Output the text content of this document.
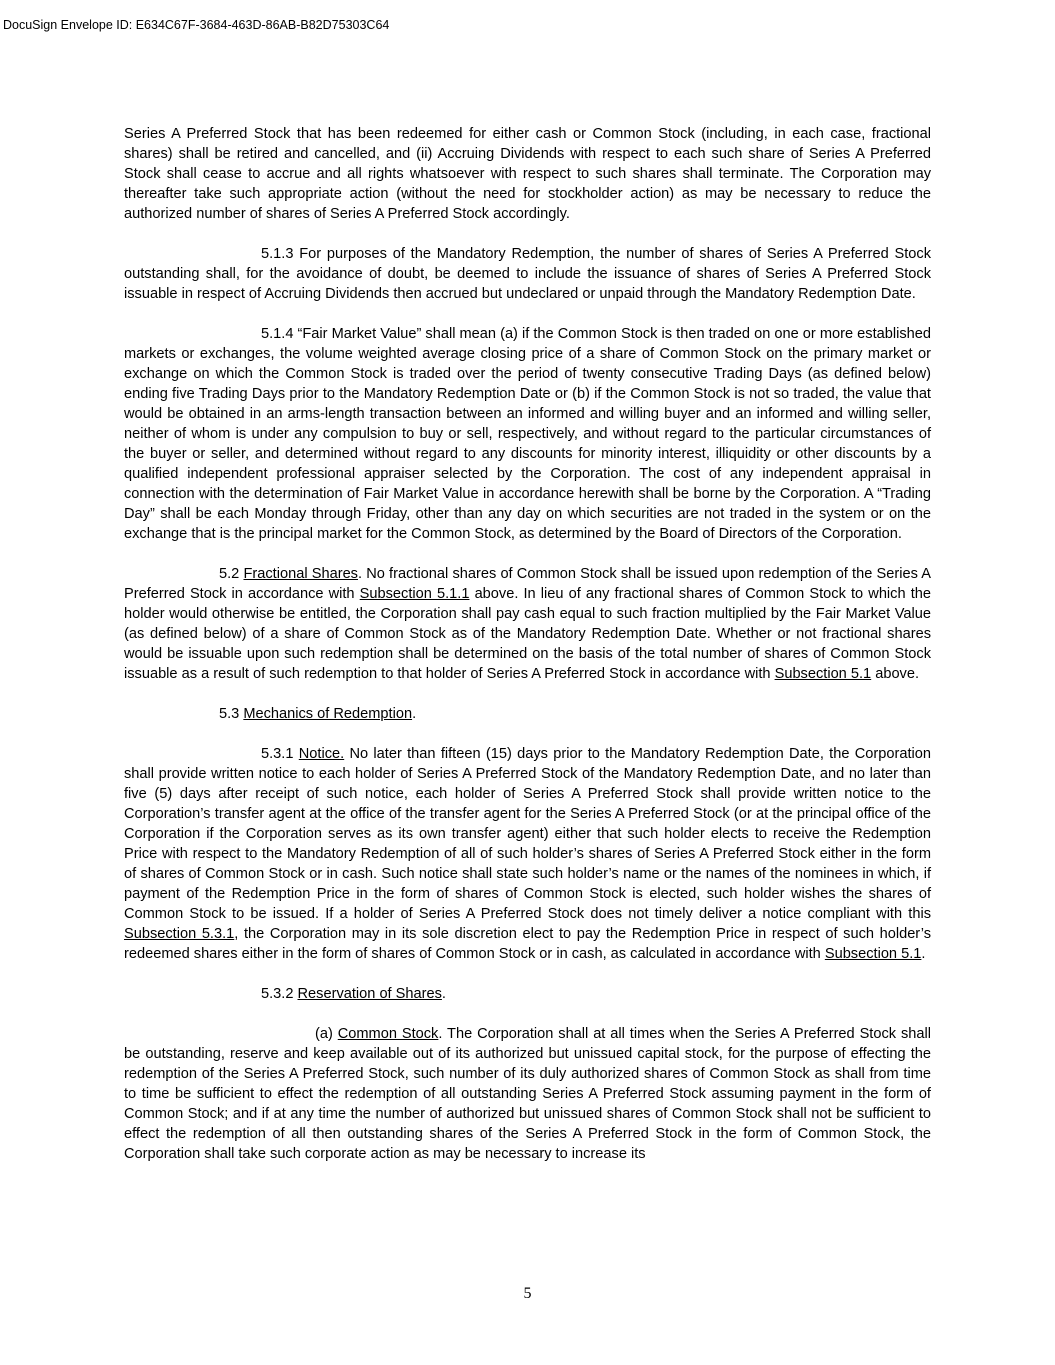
DocuSign Envelope ID: E634C67F-3684-463D-86AB-B82D75303C64

Series A Preferred Stock that has been redeemed for either cash or Common Stock (including, in each case, fractional shares) shall be retired and cancelled, and (ii) Accruing Dividends with respect to each such share of Series A Preferred Stock shall cease to accrue and all rights whatsoever with respect to such shares shall terminate. The Corporation may thereafter take such appropriate action (without the need for stockholder action) as may be necessary to reduce the authorized number of shares of Series A Preferred Stock accordingly.

5.1.3 For purposes of the Mandatory Redemption, the number of shares of Series A Preferred Stock outstanding shall, for the avoidance of doubt, be deemed to include the issuance of shares of Series A Preferred Stock issuable in respect of Accruing Dividends then accrued but undeclared or unpaid through the Mandatory Redemption Date.

5.1.4 “Fair Market Value” shall mean (a) if the Common Stock is then traded on one or more established markets or exchanges, the volume weighted average closing price of a share of Common Stock on the primary market or exchange on which the Common Stock is traded over the period of twenty consecutive Trading Days (as defined below) ending five Trading Days prior to the Mandatory Redemption Date or (b) if the Common Stock is not so traded, the value that would be obtained in an arms-length transaction between an informed and willing buyer and an informed and willing seller, neither of whom is under any compulsion to buy or sell, respectively, and without regard to the particular circumstances of the buyer or seller, and determined without regard to any discounts for minority interest, illiquidity or other discounts by a qualified independent professional appraiser selected by the Corporation. The cost of any independent appraisal in connection with the determination of Fair Market Value in accordance herewith shall be borne by the Corporation. A “Trading Day” shall be each Monday through Friday, other than any day on which securities are not traded in the system or on the exchange that is the principal market for the Common Stock, as determined by the Board of Directors of the Corporation.

5.2 Fractional Shares. No fractional shares of Common Stock shall be issued upon redemption of the Series A Preferred Stock in accordance with Subsection 5.1.1 above. In lieu of any fractional shares of Common Stock to which the holder would otherwise be entitled, the Corporation shall pay cash equal to such fraction multiplied by the Fair Market Value (as defined below) of a share of Common Stock as of the Mandatory Redemption Date. Whether or not fractional shares would be issuable upon such redemption shall be determined on the basis of the total number of shares of Common Stock issuable as a result of such redemption to that holder of Series A Preferred Stock in accordance with Subsection 5.1 above.

5.3 Mechanics of Redemption.

5.3.1 Notice. No later than fifteen (15) days prior to the Mandatory Redemption Date, the Corporation shall provide written notice to each holder of Series A Preferred Stock of the Mandatory Redemption Date, and no later than five (5) days after receipt of such notice, each holder of Series A Preferred Stock shall provide written notice to the Corporation’s transfer agent at the office of the transfer agent for the Series A Preferred Stock (or at the principal office of the Corporation if the Corporation serves as its own transfer agent) either that such holder elects to receive the Redemption Price with respect to the Mandatory Redemption of all of such holder’s shares of Series A Preferred Stock either in the form of shares of Common Stock or in cash. Such notice shall state such holder’s name or the names of the nominees in which, if payment of the Redemption Price in the form of shares of Common Stock is elected, such holder wishes the shares of Common Stock to be issued. If a holder of Series A Preferred Stock does not timely deliver a notice compliant with this Subsection 5.3.1, the Corporation may in its sole discretion elect to pay the Redemption Price in respect of such holder’s redeemed shares either in the form of shares of Common Stock or in cash, as calculated in accordance with Subsection 5.1.

5.3.2 Reservation of Shares.

(a) Common Stock. The Corporation shall at all times when the Series A Preferred Stock shall be outstanding, reserve and keep available out of its authorized but unissued capital stock, for the purpose of effecting the redemption of the Series A Preferred Stock, such number of its duly authorized shares of Common Stock as shall from time to time be sufficient to effect the redemption of all outstanding Series A Preferred Stock assuming payment in the form of Common Stock; and if at any time the number of authorized but unissued shares of Common Stock shall not be sufficient to effect the redemption of all then outstanding shares of the Series A Preferred Stock in the form of Common Stock, the Corporation shall take such corporate action as may be necessary to increase its

5
